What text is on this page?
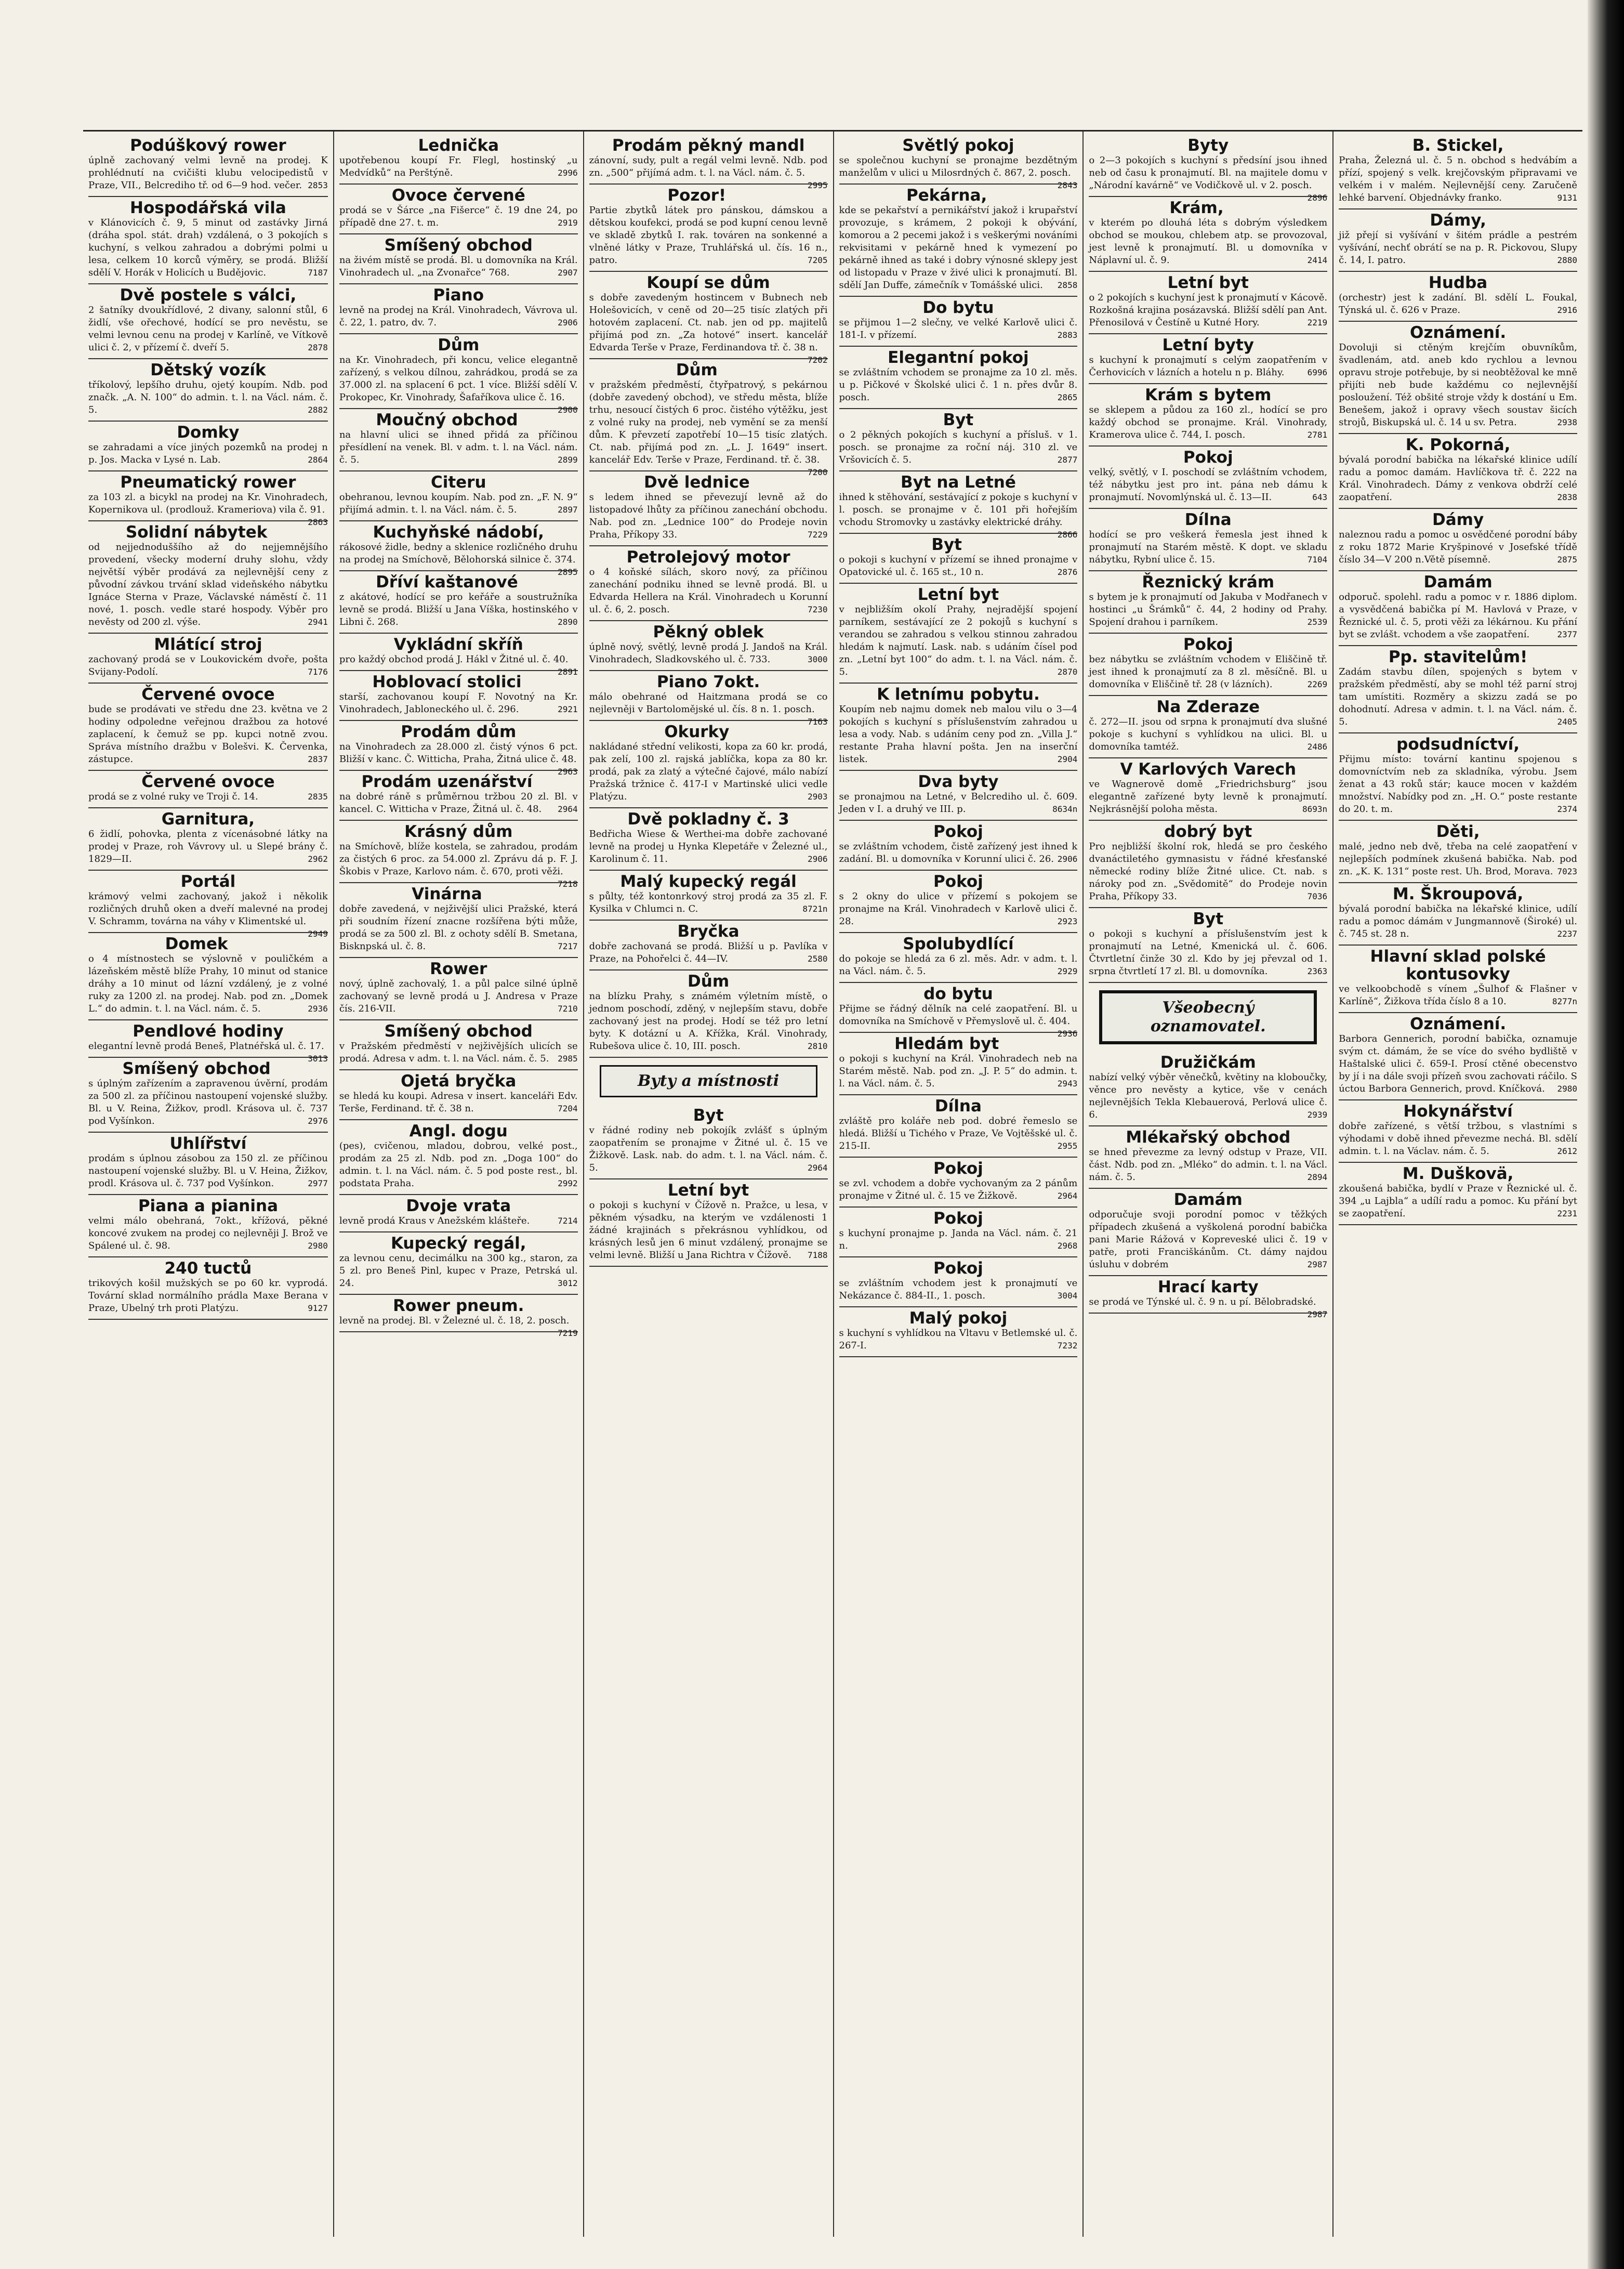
Podúškový rower
úplně zachovaný velmi levně na prodej. K prohlédnutí na cvičišti klubu velocipedistů v Praze, VII., Belcrediho tř. od 6—9 hod. večer. 2853
Hospodářská vila
v Klánovicích č. 9, 5 minut od zastávky Jirná (dráha spol. stát. drah) vzdálená, o 3 pokojích s kuchyní, s velkou zahradou a dobrými polmi u lesa, celkem 10 korců výměry, se prodá. Bližší sdělí V. Horák v Holicích u Budějovic.	7187
Dvě postele s válci,
2 šatníky dvoukřídlové, 2 divany, salonní stůl, 6 židlí, vše ořechové, hodící se pro nevěstu, se velmi levnou cenu na prodej v Karlíně, ve Vítkově ulici č. 2, v přízemí č. dveří 5.	2878
Dětský vozík
tříkolový, lepšího druhu, ojetý koupím. Ndb. pod značk. „A. N. 100“ do admin. t. l. na Václ. nám. č. 5.	2882
Domky
se zahradami a více jiných pozemků na prodej n p. Jos. Macka v Lysé n. Lab.	2864
Pneumatický rower
za 103 zl. a bicykl na prodej na Kr. Vinohradech, Kopernikova ul. (prodlouž. Krameriova) vila č. 91.
2863
Solidní nábytek
od nejjednoduššího až do nejjemnějšího provedení, všecky moderní druhy slohu, vždy největší výběr prodává za nejlevnější ceny z původní závkou trvání sklad videňského nábytku Ignáce Sterna v Praze, Václavské náměstí č. 11 nové, 1. posch. vedle staré hospody. Výběr pro nevěsty od 200 zl. výše.	2941
Mlátící stroj
zachovaný prodá se v Loukovickém dvoře, pošta Svijany-Podolí.	7176
Červené ovoce
bude se prodávati ve středu dne 23. května ve 2 hodiny odpoledne veřejnou dražbou za hotové zaplacení, k čemuž se pp. kupci notně zvou. Správa místního dražbu v Bolešvi. K. Červenka, zástupce.	2837
Červené ovoce
prodá se z volné ruky ve Troji č. 14.	2835
Garnitura,
6 židlí, pohovka, plenta z vícenásobné látky na prodej v Praze, roh Vávrovy ul. u Slepé brány č. 1829—II.	2962
Portál
krámový velmi zachovaný, jakož i několik rozličných druhů oken a dveří malevné na prodej V. Schramm, továrna na váhy v Klimentské ul.
2949
Domek
o 4 místnostech se výslovně v pouličkém a lázeňském městě blíže Prahy, 10 minut od stanice dráhy a 10 minut od lázní vzdálený, je z volné ruky za 1200 zl. na prodej. Nab. pod zn. „Domek L.“ do admin. t. l. na Václ. nám. č. 5.	2936
Pendlové hodiny
elegantní levně prodá Beneš, Platnéřská ul. č. 17.
3013
Smíšený obchod
s úplným zařízením a zapravenou úvěrní, prodám za 500 zl. za příčinou nastoupení vojenské služby. Bl. u V. Reina, Žižkov, prodl. Krásova ul. č. 737 pod Vyšínkon.	2976
Uhlířství
prodám s úplnou zásobou za 150 zl. ze příčinou nastoupení vojenské služby. Bl. u V. Heina, Žižkov, prodl. Krásova ul. č. 737 pod Vyšínkon.	2977
Piana a pianina
velmi málo obehraná, 7okt., křížová, pěkné koncové zvukem na prodej co nejlevněji J. Brož ve Spálené ul. č. 98.	2980
240 tuctů
trikových košil mužských se po 60 kr. vyprodá. Tovární sklad normálního prádla Maxe Berana v Praze, Ubelný trh proti Platýzu.	9127
Lednička
upotřebenou koupí Fr. Flegl, hostinský „u Medvídků“ na Perštýně.	2996
Ovoce červené
prodá se v Šárce „na Fišerce“ č. 19 dne 24, po případě dne 27. t. m.	2919
Smíšený obchod
na živém místě se prodá. Bl. u domovníka na Král. Vinohradech ul. „na Zvonařce“ 768.	2907
Piano
levně na prodej na Král. Vinohradech, Vávrova ul. č. 22, 1. patro, dv. 7.	2906
Dům
na Kr. Vinohradech, při koncu, velice elegantně zařízený, s velkou dílnou, zahrádkou, prodá se za 37.000 zl. na splacení 6 pct. 1 více. Bližší sdělí V. Prokopec, Kr. Vinohrady, Šafaříkova ulice č. 16.
2900
Moučný obchod
na hlavní ulici se ihned přidá za příčinou přesídlení na venek. Bl. v adm. t. l. na Václ. nám. č. 5.	2899
Citeru
obehranou, levnou koupím. Nab. pod zn. „F. N. 9“ přijímá admin. t. l. na Václ. nám. č. 5.	2897
Kuchyňské nádobí,
rákosové židle, bedny a sklenice rozličného druhu na prodej na Smíchově, Bělohorská silnice č. 374.
2895
Dříví kaštanové
z akátové, hodící se pro keřáře a soustružníka levně se prodá. Bližší u Jana Víška, hostinského v Libni č. 268.	2890
Vykládní skříň
pro každý obchod prodá J. Hákl v Žitné ul. č. 40.
2891
Hoblovací stolici
starší, zachovanou koupí F. Novotný na Kr. Vinohradech, Jabloneckého ul. č. 296.	2921
Prodám dům
na Vinohradech za 28.000 zl. čistý výnos 6 pct. Bližší v kanc. Č. Wittichа, Praha, Žitná ulice č. 48.
2963
Prodám uzenářství
na dobré ráně s průměrnou tržbou 20 zl. Bl. v kancel. C. Wittichа v Praze, Žitná ul. č. 48. 2964
Krásný dům
na Smíchově, blíže kostela, se zahradou, prodám za čistých 6 proc. za 54.000 zl. Zprávu dá p. F. J. Škobis v Praze, Karlovo nám. č. 670, proti věži.
7218
Vinárna
dobře zavedená, v nejživější ulici Pražské, která při soudním řízení znacne rozšířena býti může, prodá se za 500 zl. Bl. z ochoty sdělí B. Smetana, Bisknpská ul. č. 8.	7217
Rower
nový, úplně zachovalý, 1. a půl palce silné úplně zachovaný se levně prodá u J. Andresa v Praze čís. 216-VII.	7210
Smíšený obchod
v Pražském předměstí v nejživějších ulicích se prodá. Adresa v adm. t. l. na Václ. nám. č. 5. 2985
Ojetá bryčka
se hledá ku koupi. Adresa v insert. kanceláři Edv. Terše, Ferdinand. tř. č. 38 n.	7204
Angl. dogu
(pes), cvičenou, mladou, dobrou, velké post., prodám za 25 zl. Ndb. pod zn. „Doga 100“ do admin. t. l. na Václ. nám. č. 5 pod poste rest., bl. podstata Praha.	2992
Dvoje vrata
levně prodá Kraus v Anežském klášteře.	7214
Kupecký regál,
za levnou cenu, decimálku na 300 kg., staron, za 5 zl. pro Beneš Pinl, kupec v Praze, Petrská ul. 24.	3012
Rower pneum.
levně na prodej. Bl. v Železné ul. č. 18, 2. posch.
7219
Prodám pěkný mandl
zánovní, sudy, pult a regál velmi levně. Ndb. pod zn. „500“ přijímá adm. t. l. na Václ. nám. č. 5.
2995
Pozor!
Partie zbytků látek pro pánskou, dámskou a dětskou koufekci, prodá se pod kupní cenou levně ve skladě zbytků I. rak. továren na sonkenné a vlněné látky v Praze, Truhlářská ul. čís. 16 n., patro.	7205
Koupí se dům
s dobře zavedeným hostincem v Bubnech neb Holešovicích, v ceně od 20—25 tisíc zlatých při hotovém zaplacení. Ct. nab. jen od pp. majitelů přijímá pod zn. „Za hotové“ insert. kancelář Edvarda Terše v Praze, Ferdinandova tř. č. 38 n.
7202
Dům
v pražském předměstí, čtyřpatrový, s pekárnou (dobře zavedený obchod), ve středu města, blíže trhu, nesoucí čistých 6 proc. čistého výtěžku, jest z volné ruky na prodej, neb vymění se za menší dům. K převzetí zapotřebí 10—15 tisíc zlatých. Ct. nab. přijímá pod zn. „L. J. 1649“ insert. kancelář Edv. Terše v Praze, Ferdinand. tř. č. 38.
7200
Dvě lednice
s ledem ihned se převezují levně až do listopadové lhůty za příčinou zanechání obchodu. Nab. pod zn. „Lednice 100“ do Prodeje novin Praha, Příkopy 33.	7229
Petrolejový motor
o 4 koňské sílách, skoro nový, za příčinou zanechání podniku ihned se levně prodá. Bl. u Edvarda Hellera na Král. Vinohradech u Korunní ul. č. 6, 2. posch.	7230
Pěkný oblek
úplně nový, světlý, levně prodá J. Jandoš na Král. Vinohradech, Sladkovského ul. č. 733.	3000
Piano 7okt.
málo obehrané od Haitzmana prodá se co nejlevněji v Bartolomějské ul. čís. 8 n. 1. posch.
7163
Okurky
nakládané střední velikosti, kopa za 60 kr. prodá, pak zelí, 100 zl. rajská jablíčka, kopa za 80 kr. prodá, pak za zlatý a výtečné čajové, málo nabízí Pražská tržnice č. 417-I v Martinské ulici vedle Platýzu.	2903
Dvě pokladny č. 3
Bedřicha Wiese & Werthei-ma dobře zachované levně na prodej u Hynka Klepetáře v Železné ul., Karolinum č. 11.	2906
Malý kupecký regál
s půlty, též kontonrkový stroj prodá za 35 zl. F. Kysilka v Chlumci n. C.	8721n
Bryčka
dobře zachovaná se prodá. Bližší u p. Pavlíka v Praze, na Pohořelci č. 44—IV.	2580
Dům
na blízku Prahy, s známém výletním místě, o jednom poschodí, zděný, v nejlepším stavu, dobře zachovaný jest na prodej. Hodí se též pro letní byty. K dotázní u A. Křížka, Král. Vinohrady, Rubešova ulice č. 10, III. posch.	2810
Byty a místnosti
Byt
v řádné rodiny neb pokojík zvlášť s úplným zaopatřením se pronajme v Žitné ul. č. 15 ve Žižkově. Lask. nab. do adm. t. l. na Václ. nám. č. 5.	2964
Letní byt
o pokoji s kuchyní v Čížově n. Pražce, u lesa, v pěkném výsadku, na kterým ve vzdálenosti 1 žádné krajinách s překrásnou vyhlídkou, od krásných lesů jen 6 minut vzdálený, pronajme se velmi levně. Bližší u Jana Richtra v Čížově. 7188
Světlý pokoj
se společnou kuchyní se pronajme bezdětným manželům v ulici u Milosrdných č. 867, 2. posch.
2843
Pekárna,
kde se pekařství a pernikářství jakož i krupařství provozuje, s krámem, 2 pokoji k obývání, komorou a 2 pecemi jakož i s veškerými nováními rekvisitami v pekárně hned k vymezení po pekárně ihned as také i dobry výnosné sklepy jest od listopadu v Praze v živé ulici k pronajmutí. Bl. sdělí Jan Duffe, zámečník v Tomášské ulici. 2858
Do bytu
se přijmou 1—2 slečny, ve velké Karlově ulici č. 181-I. v přízemí.	2883
Elegantní pokoj
se zvláštním vchodem se pronajme za 10 zl. měs. u p. Pičkové v Školské ulici č. 1 n. přes dvůr 8. posch.	2865
Byt
o 2 pěkných pokojích s kuchyní a přísluš. v 1. posch. se pronajme za roční náj. 310 zl. ve Vršovicích č. 5.	2877
Byt na Letné
ihned k stěhování, sestávající z pokoje s kuchyní v l. posch. se pronajme v č. 101 při hořejším vchodu Stromovky u zastávky elektrické dráhy.
2866
Byt
o pokoji s kuchyní v přízemí se ihned pronajme v Opatovické ul. č. 165 st., 10 n.	2876
Letní byt
v nejbližším okolí Prahy, nejradější spojení parníkem, sestávající ze 2 pokojů s kuchyní s verandou se zahradou s velkou stinnou zahradou hledám k najmutí. Lask. nab. s udáním čísel pod zn. „Letní byt 100“ do adm. t. l. na Václ. nám. č. 5.	2870
K letnímu pobytu.
Koupím neb najmu domek neb malou vilu o 3—4 pokojích s kuchyní s příslušenstvím zahradou u lesa a vody. Nab. s udáním ceny pod zn. „Villa J.“ restante Praha hlavní pošta. Jen na inserční listek.	2904
Dva byty
se pronajmou na Letné, v Belcrediho ul. č. 609. Jeden v I. a druhý ve III. p.	8634n
Pokoj
se zvláštním vchodem, čistě zařízený jest ihned k zadání. Bl. u domovníka v Korunní ulici č. 26. 2906
Pokoj
s 2 okny do ulice v přízemí s pokojem se pronajme na Král. Vinohradech v Karlově ulici č. 28.	2923
Spolubydlící
do pokoje se hledá za 6 zl. měs. Adr. v adm. t. l. na Václ. nám. č. 5.	2929
do bytu
Přijme se řádný dělník na celé zaopatření. Bl. u domovníka na Smíchově v Přemyslově ul. č. 404.
2936
Hledám byt
o pokoji s kuchyní na Král. Vinohradech neb na Starém městě. Nab. pod zn. „J. P. 5“ do admin. t. l. na Václ. nám. č. 5.	2943
Dílna
zvláště pro koláře neb pod. dobré řemeslo se hledá. Bližší u Tichého v Praze, Ve Vojtěšské ul. č. 215-II.	2955
Pokoj
se zvl. vchodem a dobře vychovaným za 2 pánům pronajme v Žitné ul. č. 15 ve Žižkově.	2964
Pokoj
s kuchyní pronajme p. Janda na Václ. nám. č. 21 n.	2968
Pokoj
se zvláštním vchodem jest k pronajmutí ve Nekázance č. 884-II., 1. posch.	3004
Malý pokoj
s kuchyní s vyhlídkou na Vltavu v Betlemské ul. č. 267-I.	7232
Byty
o 2—3 pokojích s kuchyní s předsíní jsou ihned neb od času k pronajmutí. Bl. na majitele domu v „Národní kavárně“ ve Vodičkově ul. v 2. posch.
2896
Krám,
v kterém po dlouhá léta s dobrým výsledkem obchod se moukou, chlebem atp. se provozoval, jest levně k pronajmutí. Bl. u domovníka v Náplavní ul. č. 9.	2414
Letní byt
o 2 pokojích s kuchyní jest k pronajmutí v Kácově. Rozkošná krajina posázavská. Bližší sdělí pan Ant. Přenosilová v Čestíně u Kutné Hory.	2219
Letní byty
s kuchyní k pronajmutí s celým zaopatřením v Čerhovicích v lázních a hotelu n p. Bláhy.	6996
Krám s bytem
se sklepem a půdou za 160 zl., hodící se pro každý obchod se pronajme. Král. Vinohrady, Kramerova ulice č. 744, I. posch.	2781
Pokoj
velký, světlý, v I. poschodí se zvláštním vchodem, též nábytku jest pro int. pána neb dámu k pronajmutí. Novomlýnská ul. č. 13—II.	643
Dílna
hodící se pro veškerá řemesla jest ihned k pronajmutí na Starém městě. K dopt. ve skladu nábytku, Rybní ulice č. 15.	7104
Řeznický krám
s bytem je k pronajmutí od Jakuba v Modřanech v hostinci „u Šrámků“ č. 44, 2 hodiny od Prahy. Spojení drahou i parníkem.	2539
Pokoj
bez nábytku se zvláštním vchodem v Eliščině tř. jest ihned k pronajmutí za 8 zl. měsíčně. Bl. u domovníka v Eliščině tř. 28 (v lázních).	2269
Na Zderaze
č. 272—II. jsou od srpna k pronajmutí dva slušné pokoje s kuchyní s vyhlídkou na ulici. Bl. u domovníka tamtéž.	2486
V Karlových Varech
ve Wagnerově domě „Friedrichsburg“ jsou elegantně zařízené byty levně k pronajmutí. Nejkrásnější poloha města.	8693n
dobrý byt
Pro nejbližší školní rok, hledá se pro českého dvanáctiletého gymnasistu v řádné křesťanské německé rodiny blíže Žitné ulice. Ct. nab. s nároky pod zn. „Svědomitě“ do Prodeje novin Praha, Příkopy 33.	7036
Byt
o pokoji s kuchyní a příslušenstvím jest k pronajmutí na Letné, Kmenická ul. č. 606. Čtvrtletní činže 30 zl. Kdo by jej převzal od 1. srpna čtvrtletí 17 zl. Bl. u domovníka.	2363
Všeobecný oznamovatel.
Družičkám
nabízí velký výběr věnečků, květiny na kloboučky, věnce pro nevěsty a kytice, vše v cenách nejlevnějších Tekla Klebauerová, Perlová ulice č. 6.	2939
Mlékařský obchod
se hned převezme za levný odstup v Praze, VII. část. Ndb. pod zn. „Mléko“ do admin. t. l. na Václ. nám. č. 5.	2894
Damám
odporučuje svoji porodní pomoc v těžkých případech zkušená a vyškolená porodní babička pani Marie Rážová v Kopreveské ulici č. 19 v patře, proti Franciškánům. Ct. dámy najdou úsluhu v dobrém	2987
Hrací karty
se prodá ve Týnské ul. č. 9 n. u pí. Bělobradské.
2987
B. Stickel,
Praha, Železná ul. č. 5 n. obchod s hedvábím a přízí, spojený s velk. krejčovským připravami ve velkém i v malém. Nejlevnější ceny. Zaručeně lehké barvení. Objednávky franko.	9131
Dámy,
již přejí si vyšívání v šitém prádle a pestrém vyšívání, nechť obrátí se na p. R. Pickovou, Slupy č. 14, I. patro.	2880
Hudba
(orchestr) jest k zadání. Bl. sdělí L. Foukal, Týnská ul. č. 626 v Praze.	2916
Oznámení.
Dovoluji si ctěným krejčím obuvníkům, švadlenám, atd. aneb kdo rychlou a levnou opravu stroje potřebuje, by si neobtěžoval ke mně přijíti neb bude každému co nejlevnější posloužení. Též obšité stroje vždy k dostání u Em. Benešem, jakož i opravy všech soustav šicích strojů, Biskupská ul. č. 14 u sv. Petra.	2938
K. Pokorná,
bývalá porodní babička na lékařské klinice udílí radu a pomoc damám. Havlíčkova tř. č. 222 na Král. Vinohradech. Dámy z venkova obdrží celé zaopatření.	2838
Dámy
naleznou radu a pomoc u osvědčené porodní báby z roku 1872 Marie Kryšpinové v Josefské třídě číslo 34—V 200 n.Větě písemně.	2875
Damám
odporuč. spolehl. radu a pomoc v r. 1886 diplom. a vysvědčená babička pí M. Havlová v Praze, v Řeznické ul. č. 5, proti věži za lékárnou. Ku přání byt se zvlášt. vchodem a vše zaopatření.	2377
Pp. stavitelům!
Zadám stavbu dílen, spojených s bytem v pražském předměstí, aby se mohl též parní stroj tam umístiti. Rozměry a skizzu zadá se po dohodnutí. Adresa v admin. t. l. na Václ. nám. č. 5.	2405
podsudníctví,
Přijmu místo: tovární kantinu spojenou s domovníctvím neb za skladníka, výrobu. Jsem ženat a 43 roků stár; kauce mocen v každém množství. Nabídky pod zn. „H. O.“ poste restante do 20. t. m.	2374
Děti,
malé, jedno neb dvě, třeba na celé zaopatření v nejlepších podmínek zkušená babička. Nab. pod zn. „K. K. 131“ poste rest. Uh. Brod, Morava. 7023
M. Škroupová,
bývalá porodní babička na lékařské klinice, udílí radu a pomoc dámám v Jungmannově (Široké) ul. č. 745 st. 28 n.	2237
Hlavní sklad polské kontusovky
ve velkoobchodě s vínem „Šulhof & Flašner v Karlíně“, Žižkova třída číslo 8 a 10.	8277n
Oznámení.
Barbora Gennerich, porodní babička, oznamuje svým ct. dámám, že se více do svého bydliště v Haštalské ulici č. 659-I. Prosí ctěné obecenstvo by jí i na dále svoji přízeň svou zachovati ráčilo. S úctou Barbora Gennerich, provd. Kníčková. 2980
Hokynářství
dobře zařízené, s větší tržbou, s vlastními s výhodami v době ihned převezme nechá. Bl. sdělí admin. t. l. na Václav. nám. č. 5.	2612
M. Duškovä,
zkoušená babička, bydlí v Praze v Řeznické ul. č. 394 „u Lajbla“ a udílí radu a pomoc. Ku přání byt se zaopatření.	2231
